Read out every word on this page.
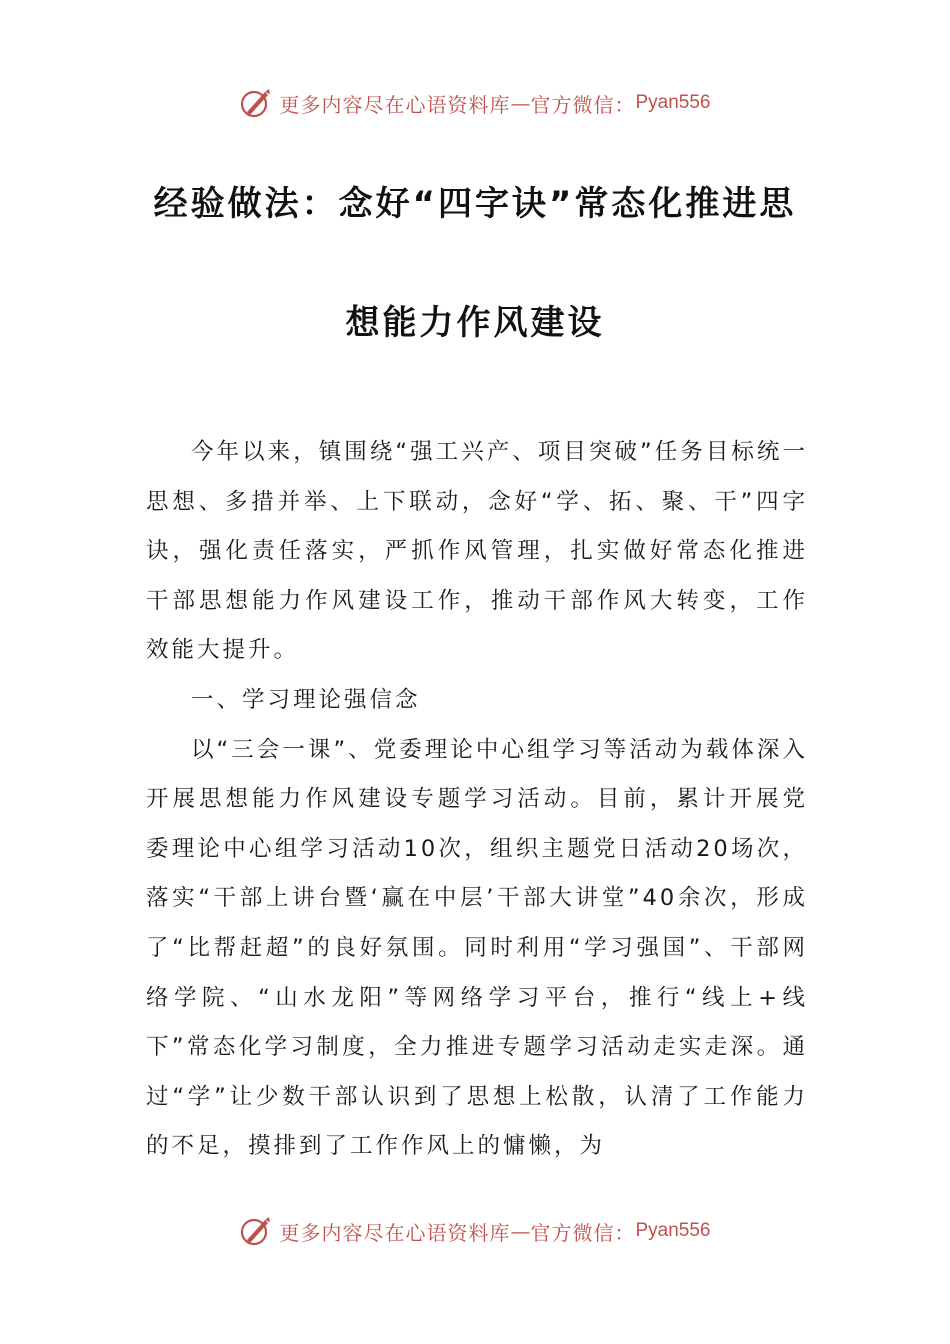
更多内容尽在心语资料库 — 官方微信： Pyan556
经验做法：念好“四字诀”常态化推进思
想能力作风建设

今年以来，镇围绕“强工兴产、项目突破”任务目标统一思想、多措并举、上下联动，念好“学、拓、聚、干”四字诀，强化责任落实，严抓作风管理，扎实做好常态化推进干部思想能力作风建设工作，推动干部作风大转变，工作效能大提升。

一、学习理论强信念

以“三会一课”、党委理论中心组学习等活动为载体深入开展思想能力作风建设专题学习活动。目前，累计开展党委理论中心组学习活动10次，组织主题党日活动20场次，落实“干部上讲台暨‘赢在中层’干部大讲堂”40余次，形成了“比帮赶超”的良好氛围。同时利用“学习强国”、干部网络学院、“山水龙阳”等网络学习平台，推行“线上+线下”常态化学习制度，全力推进专题学习活动走实走深。通过“学”让少数干部认识到了思想上松散，认清了工作能力的不足，摸排到了工作作风上的慵懒，为

更多内容尽在心语资料库 — 官方微信： Pyan556
